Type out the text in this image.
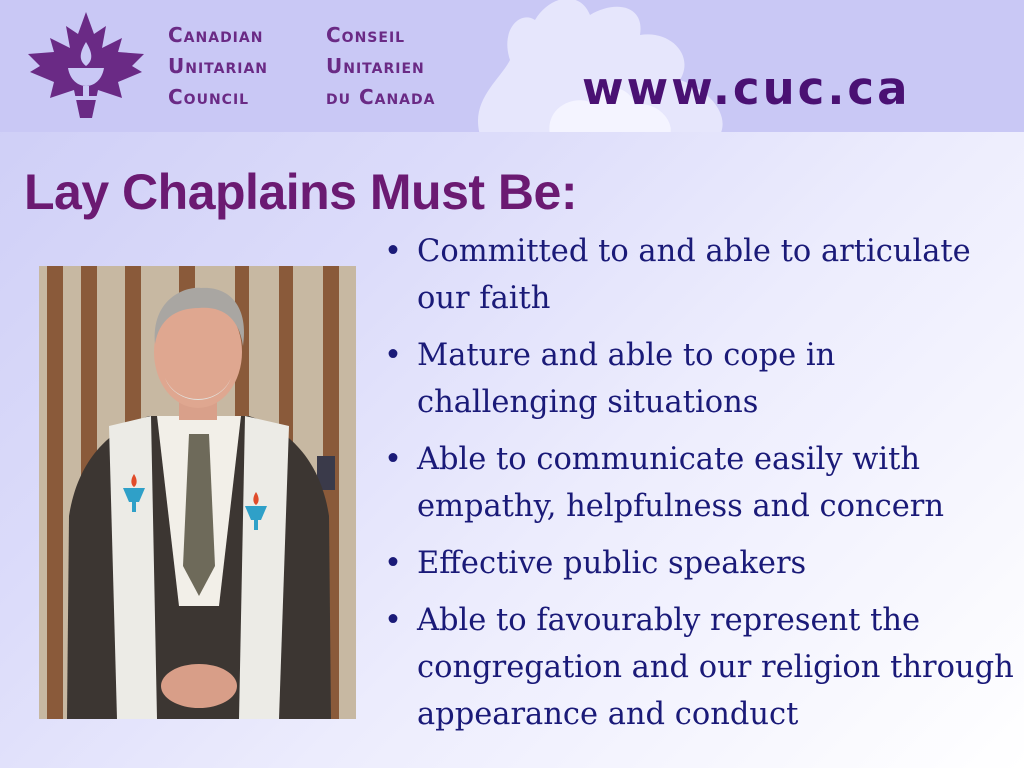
Canadian
Unitarian
Council
Conseil
Unitarien
du Canada	www.cuc.ca
Lay Chaplains Must Be:
• Committed to and able to articulate our faith
• Mature and able to cope in challenging situations
• Able to communicate easily with empathy, helpfulness and concern
• Effective public speakers
• Able to favourably represent the congregation and our religion through appearance and conduct
